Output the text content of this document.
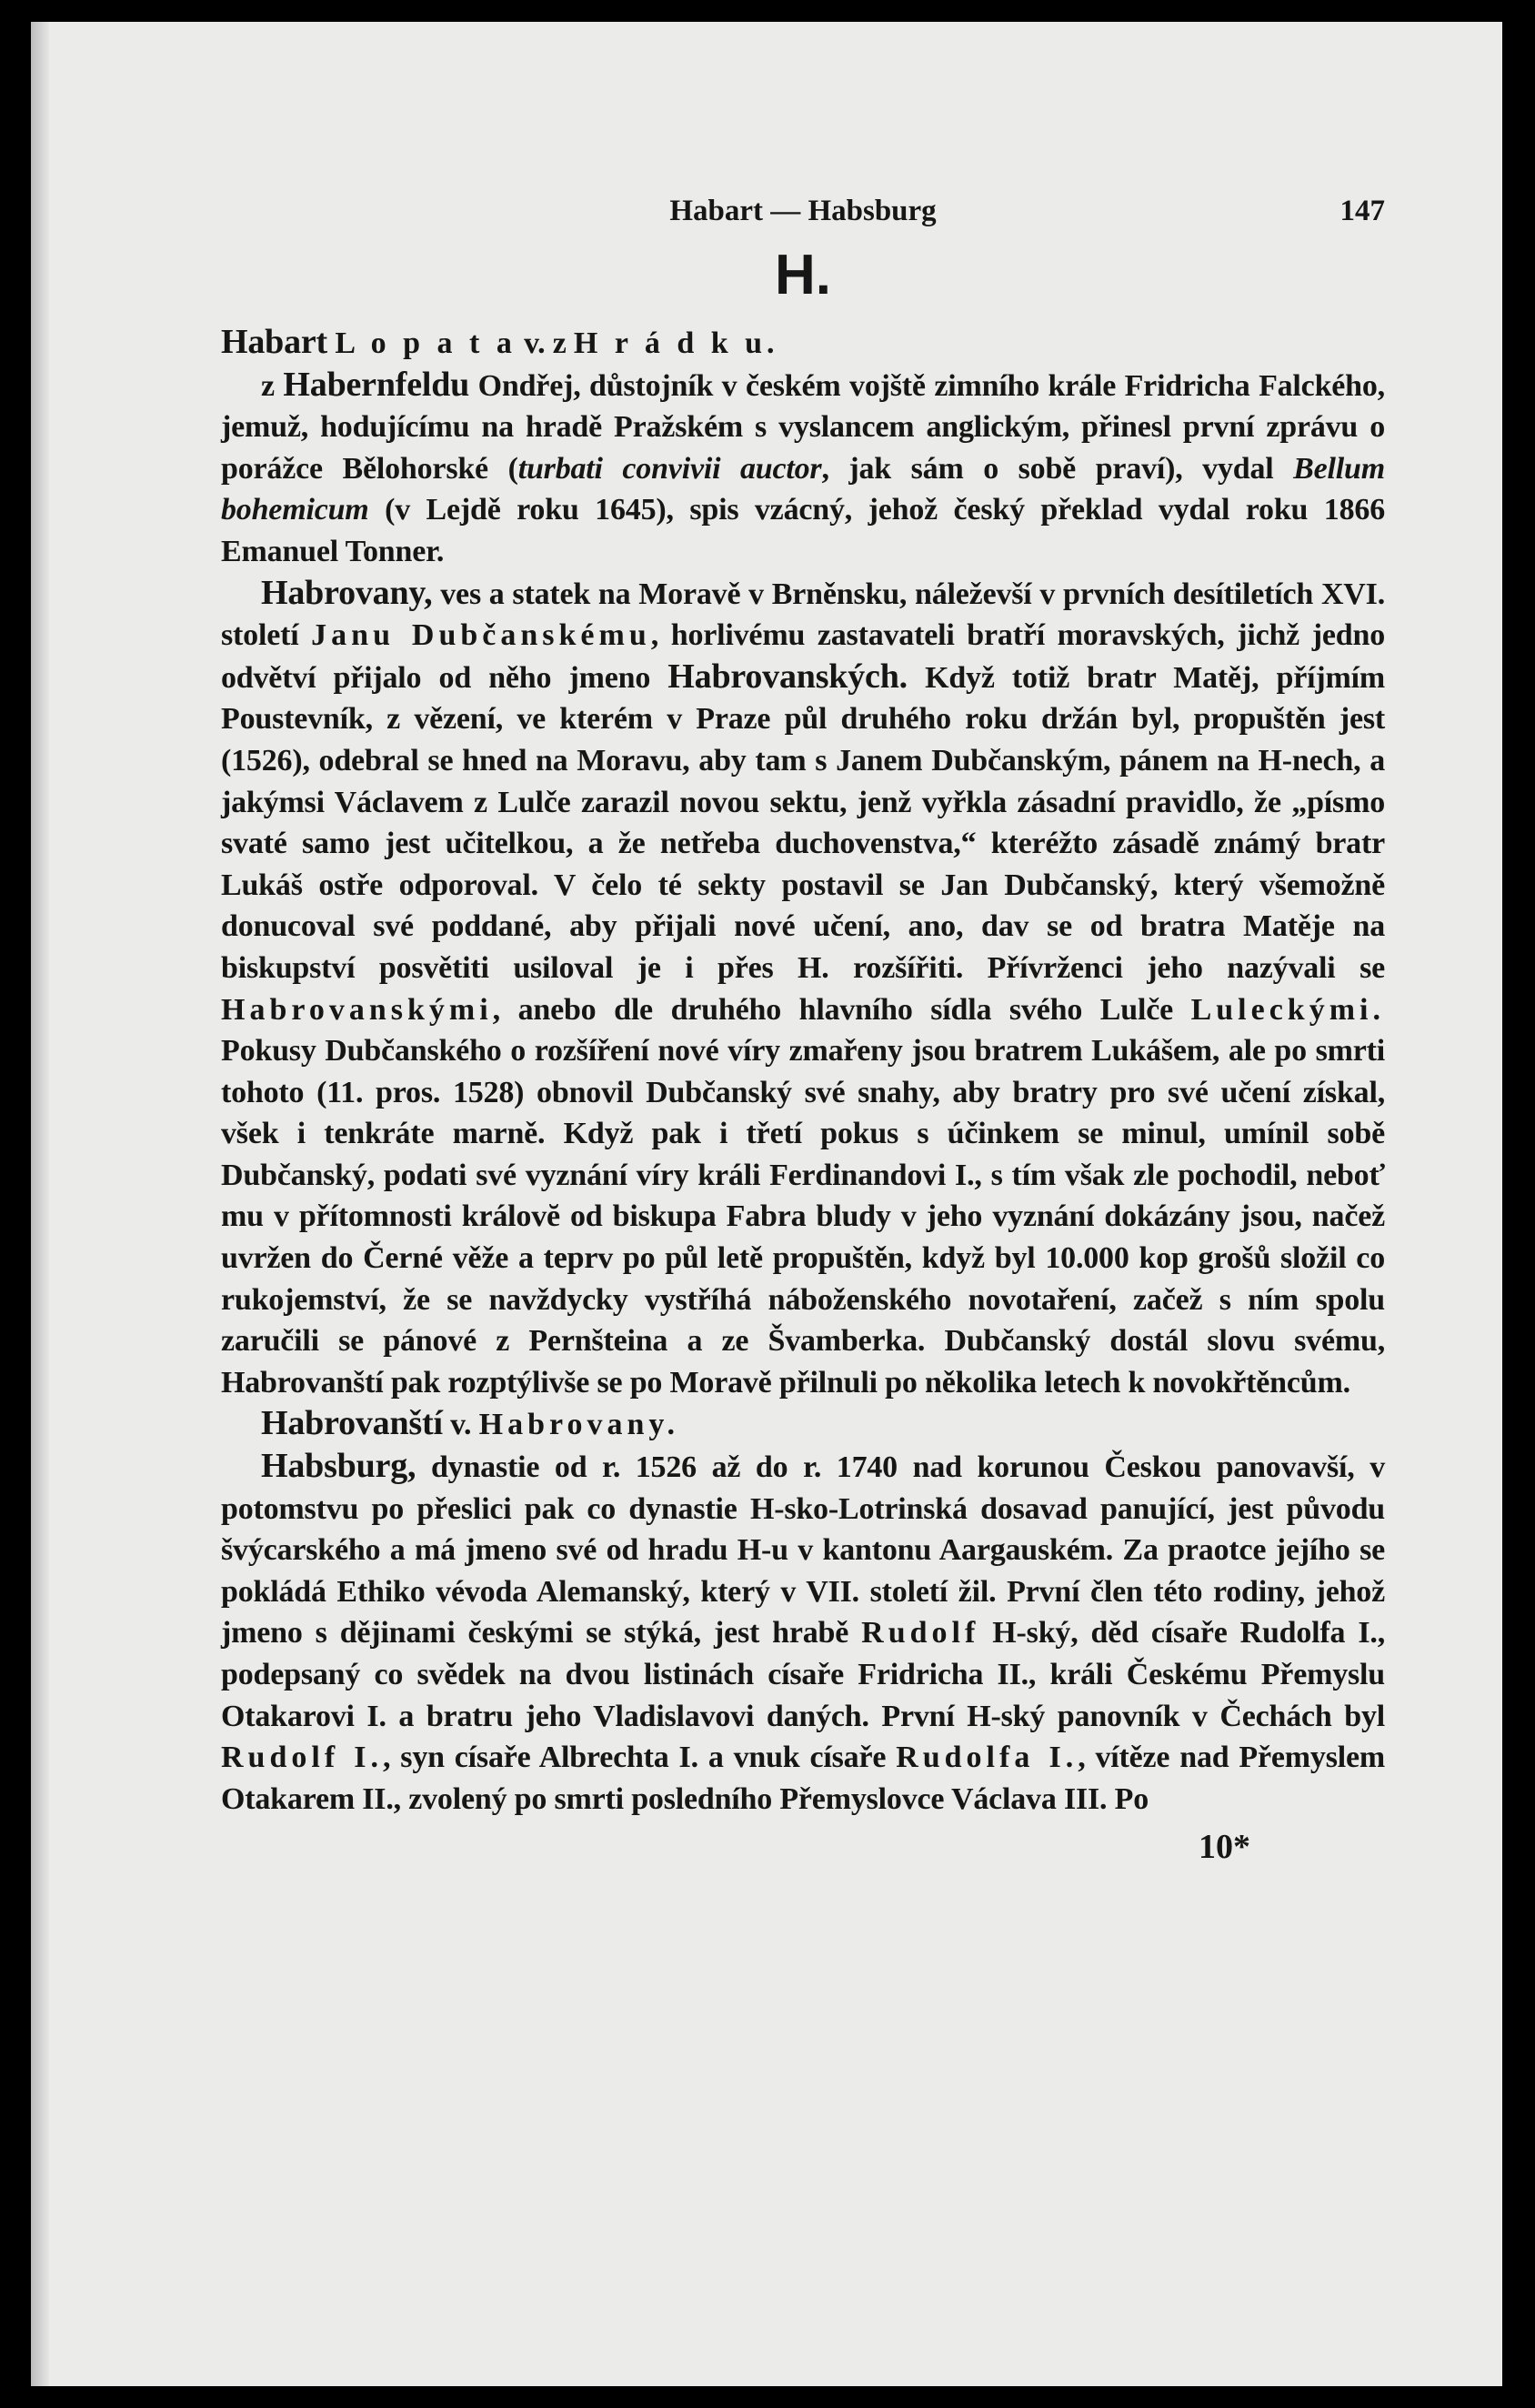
Habart — Habsburg	147
H.

Habart L o p a t a v. z H r á d k u.

z Habernfeldu Ondřej, důstojník v českém vojště zimního krále Fridricha Falckého, jemuž, hodujícímu na hradě Pražském s vyslancem anglickým, přinesl první zprávu o porážce Bělohorské (turbati convivii auctor, jak sám o sobě praví), vydal Bellum bohemicum (v Lejdě roku 1645), spis vzácný, jehož český překlad vydal roku 1866 Emanuel Tonner.

Habrovany, ves a statek na Moravě v Brněnsku, náleževší v prvních desítiletích XVI. století Janu Dubčanskému, horlivému zastavateli bratří moravských, jichž jedno odvětví přijalo od něho jmeno Habrovanských. Když totiž bratr Matěj, příjmím Poustevník, z vězení, ve kterém v Praze půl druhého roku držán byl, propuštěn jest (1526), odebral se hned na Moravu, aby tam s Janem Dubčanským, pánem na H-nech, a jakýmsi Václavem z Lulče zarazil novou sektu, jenž vyřkla zásadní pravidlo, že „písmo svaté samo jest učitelkou, a že netřeba duchovenstva,“ kteréžto zásadě známý bratr Lukáš ostře odporoval. V čelo té sekty postavil se Jan Dubčanský, který všemožně donucoval své poddané, aby přijali nové učení, ano, dav se od bratra Matěje na biskupství posvětiti usiloval je i přes H. rozšířiti. Přívrženci jeho nazývali se Habrovanskými, anebo dle druhého hlavního sídla svého Lulče Luleckými. Pokusy Dubčanského o rozšíření nové víry zmařeny jsou bratrem Lukášem, ale po smrti tohoto (11. pros. 1528) obnovil Dubčanský své snahy, aby bratry pro své učení získal, všek i tenkráte marně. Když pak i třetí pokus s účinkem se minul, umínil sobě Dubčanský, podati své vyznání víry králi Ferdinandovi I., s tím však zle pochodil, neboť mu v přítomnosti královĕ od biskupa Fabra bludy v jeho vyznání dokázány jsou, načež uvržen do Černé věže a teprv po půl letě propuštěn, když byl 10.000 kop grošů složil co rukojemství, že se navždycky vystříhá náboženského novotaření, začež s ním spolu zaručili se pánové z Pernšteina a ze Švamberka. Dubčanský dostál slovu svému, Habrovanští pak rozptýlivše se po Moravě přilnuli po několika letech k novokřtěncům.

Habrovanští v. Habrovany.

Habsburg, dynastie od r. 1526 až do r. 1740 nad korunou Českou panovavší, v potomstvu po přeslici pak co dynastie H-sko-Lotrinská dosavad panující, jest původu švýcarského a má jmeno své od hradu H-u v kantonu Aargauském. Za praotce jejího se pokládá Ethiko vévoda Alemanský, který v VII. století žil. První člen této rodiny, jehož jmeno s dějinami českými se stýká, jest hrabě Rudolf H-ský, děd císaře Rudolfa I., podepsaný co svědek na dvou listinách císaře Fridricha II., králi Českému Přemyslu Otakarovi I. a bratru jeho Vladislavovi daných. První H-ský panovník v Čechách byl Rudolf I., syn císaře Albrechta I. a vnuk císaře Rudolfa I., vítěze nad Přemyslem Otakarem II., zvolený po smrti posledního Přemyslovce Václava III. Po

10*
